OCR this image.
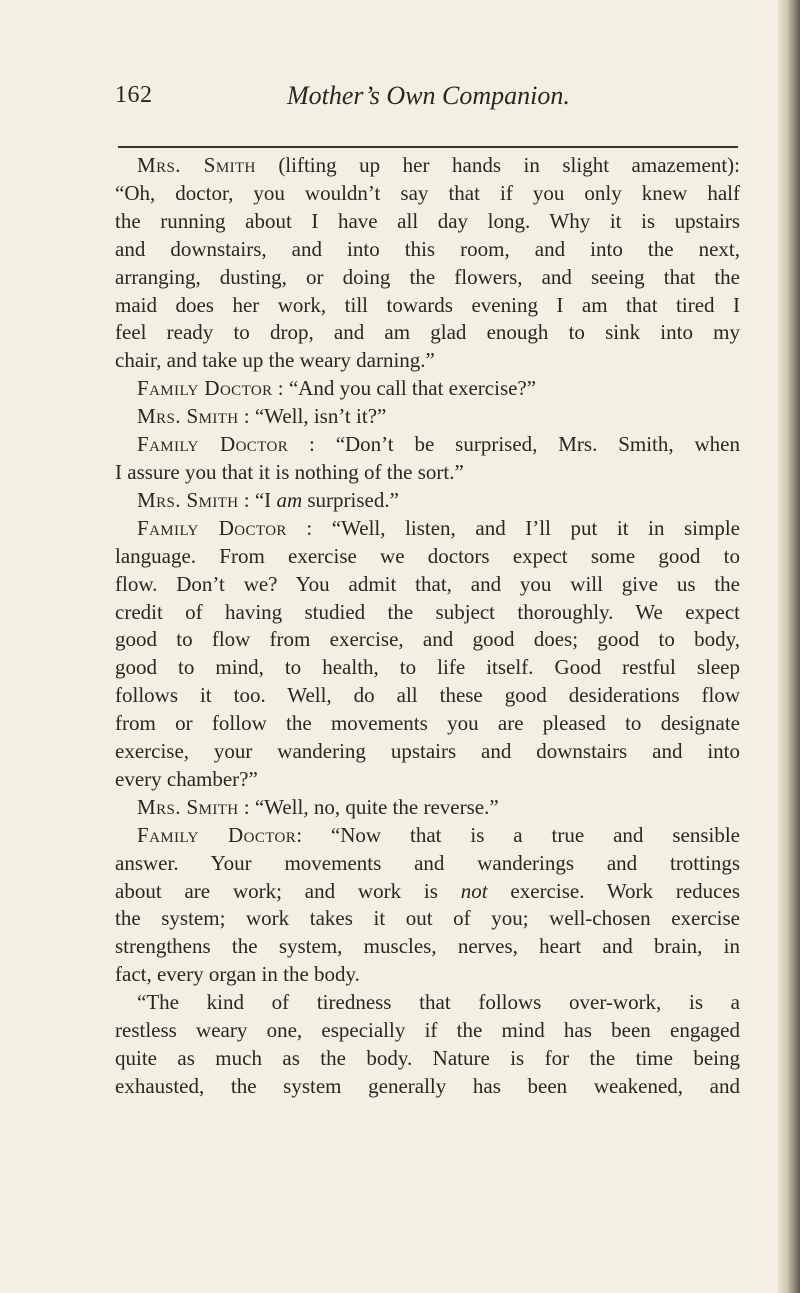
162	Mother’s Own Companion.

Mrs. Smith (lifting up her hands in slight amazement):

“Oh, doctor, you wouldn’t say that if you only knew half

the running about I have all day long. Why it is upstairs

and downstairs, and into this room, and into the next,

arranging, dusting, or doing the flowers, and seeing that the

maid does her work, till towards evening I am that tired I

feel ready to drop, and am glad enough to sink into my

chair, and take up the weary darning.”

Family Doctor : “And you call that exercise?”

Mrs. Smith : “Well, isn’t it?”

Family Doctor : “Don’t be surprised, Mrs. Smith, when

I assure you that it is nothing of the sort.”

Mrs. Smith : “I am surprised.”

Family Doctor : “Well, listen, and I’ll put it in simple

language. From exercise we doctors expect some good to

flow. Don’t we? You admit that, and you will give us the

credit of having studied the subject thoroughly. We expect

good to flow from exercise, and good does; good to body,

good to mind, to health, to life itself. Good restful sleep

follows it too. Well, do all these good desiderations flow

from or follow the movements you are pleased to designate

exercise, your wandering upstairs and downstairs and into

every chamber?”

Mrs. Smith : “Well, no, quite the reverse.”

Family Doctor: “Now that is a true and sensible

answer. Your movements and wanderings and trottings

about are work; and work is not exercise. Work reduces

the system; work takes it out of you; well-chosen exercise

strengthens the system, muscles, nerves, heart and brain, in

fact, every organ in the body.

“The kind of tiredness that follows over-work, is a

restless weary one, especially if the mind has been engaged

quite as much as the body. Nature is for the time being

exhausted, the system generally has been weakened, and
